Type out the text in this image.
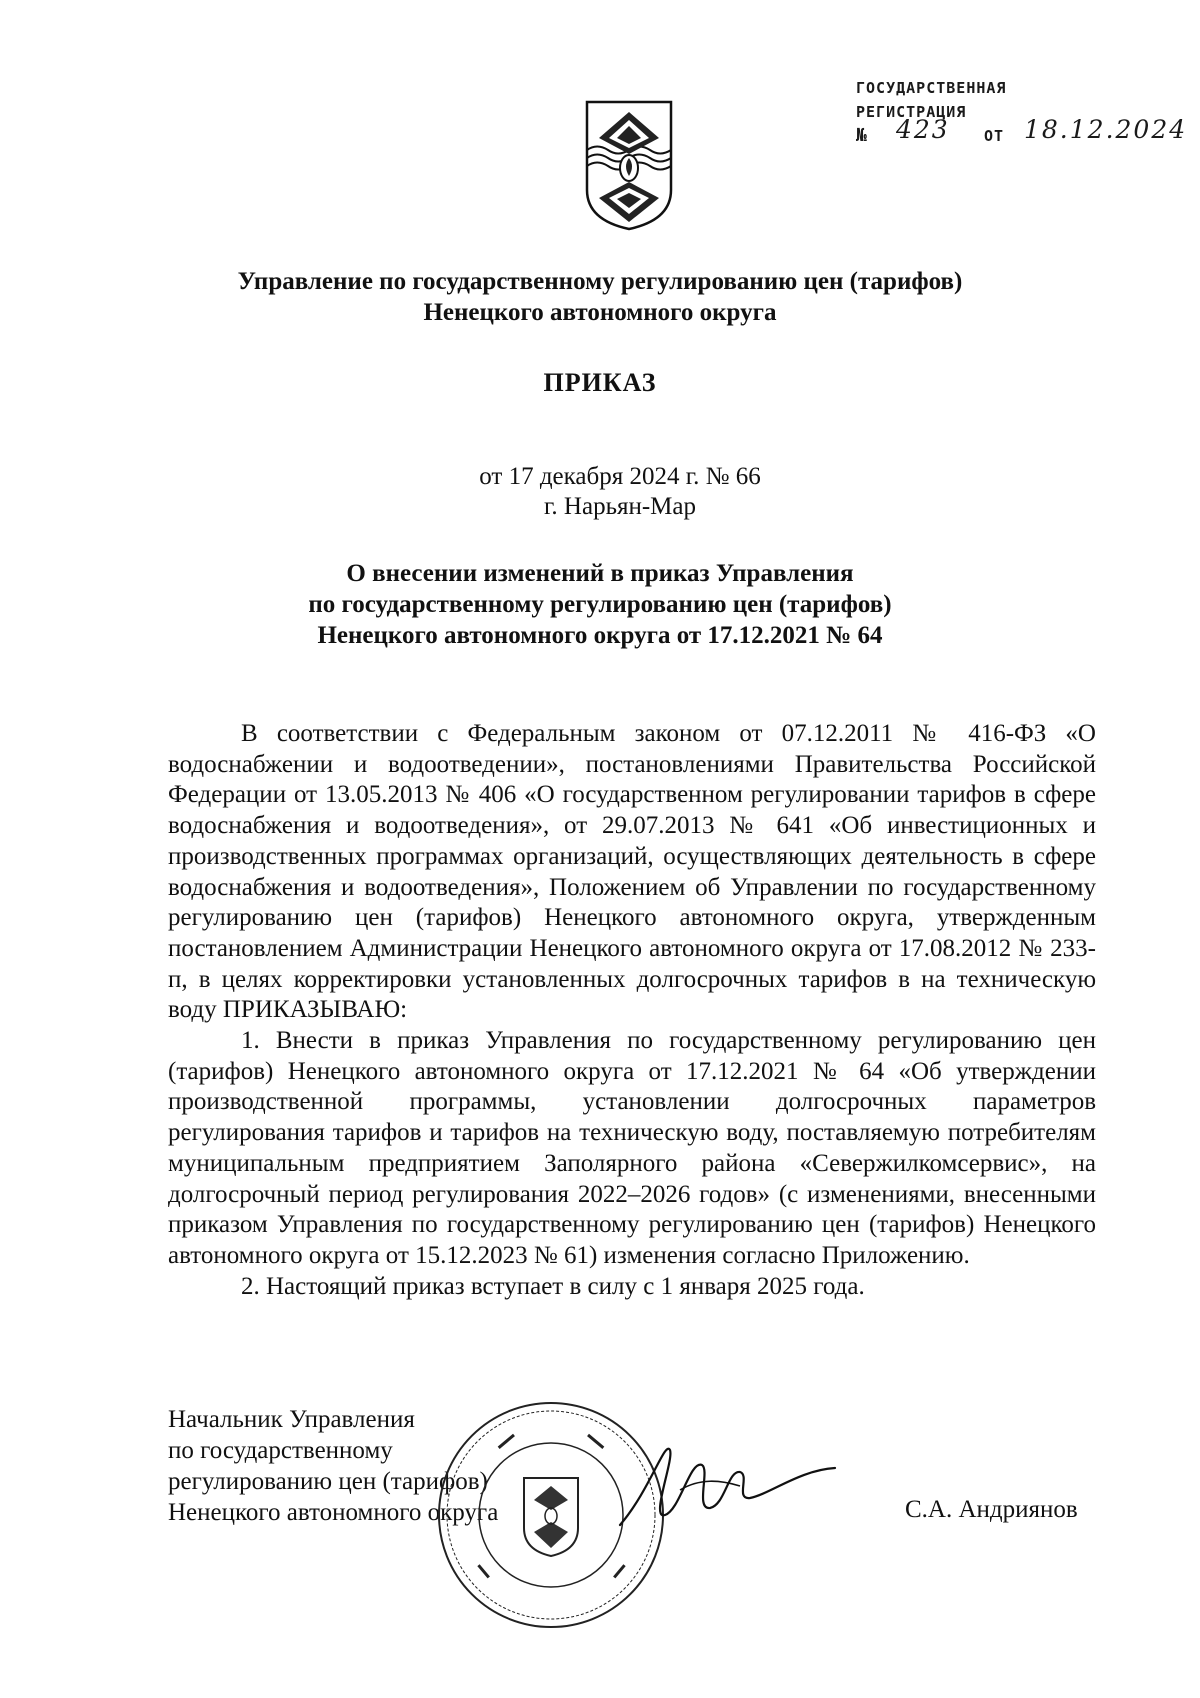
ГОСУДАРСТВЕННАЯ
РЕГИСТРАЦИЯ
№ 423 ОТ 18.12.2024
Управление по государственному регулированию цен (тарифов)
Ненецкого автономного округа
ПРИКАЗ
от 17 декабря 2024 г. № 66
г. Нарьян-Мар
О внесении изменений в приказ Управления
по государственному регулированию цен (тарифов)
Ненецкого автономного округа от 17.12.2021 № 64

В соответствии с Федеральным законом от 07.12.2011 № 416-ФЗ «О водоснабжении и водоотведении», постановлениями Правительства Российской Федерации от 13.05.2013 № 406 «О государственном регулировании тарифов в сфере водоснабжения и водоотведения», от 29.07.2013 № 641 «Об инвестиционных и производственных программах организаций, осуществляющих деятельность в сфере водоснабжения и водоотведения», Положением об Управлении по государственному регулированию цен (тарифов) Ненецкого автономного округа, утвержденным постановлением Администрации Ненецкого автономного округа от 17.08.2012 № 233-п, в целях корректировки установленных долгосрочных тарифов в на техническую воду ПРИКАЗЫВАЮ:

1. Внести в приказ Управления по государственному регулированию цен (тарифов) Ненецкого автономного округа от 17.12.2021 № 64 «Об утверждении производственной программы, установлении долгосрочных параметров регулирования тарифов и тарифов на техническую воду, поставляемую потребителям муниципальным предприятием Заполярного района «Севержилкомсервис», на долгосрочный период регулирования 2022–2026 годов» (с изменениями, внесенными приказом Управления по государственному регулированию цен (тарифов) Ненецкого автономного округа от 15.12.2023 № 61) изменения согласно Приложению.

2. Настоящий приказ вступает в силу с 1 января 2025 года.

Начальник Управления
по государственному
регулированию цен (тарифов)
Ненецкого автономного округа	С.А. Андриянов
